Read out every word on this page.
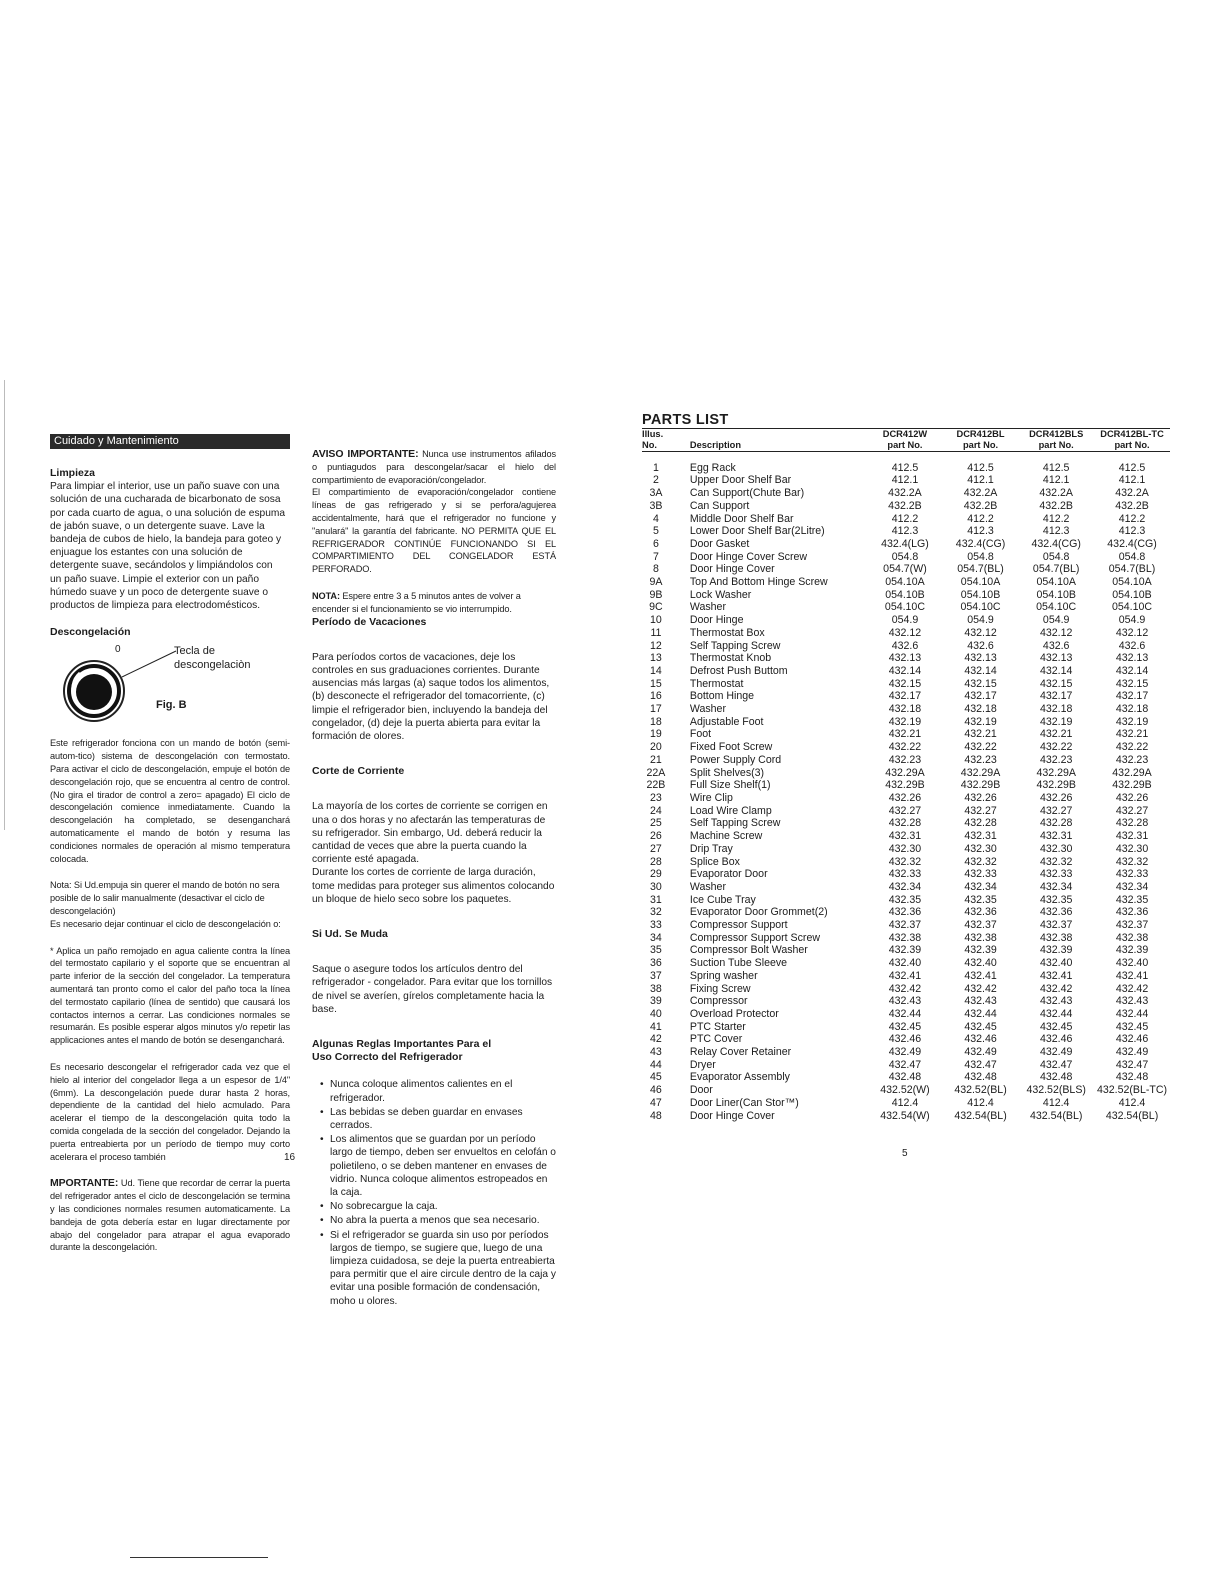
Cuidado y Mantenimiento

Limpieza

Para limpiar el interior, use un paño suave con una solución de una cucharada de bicarbonato de sosa por cada cuarto de agua, o una solución de espuma de jabón suave, o un detergente suave. Lave la bandeja de cubos de hielo, la bandeja para goteo y enjuague los estantes con una solución de detergente suave, secándolos y limpiándolos con un paño suave. Limpie el exterior con un paño húmedo suave y un poco de detergente suave o productos de limpieza para electrodomésticos.

Descongelación

0	Tecla de descongelaciòn
Fig. B

Este refrigerador fonciona con un mando de botón (semi-autom-tico) sistema de descongelación con termostato. Para activar el ciclo de descongelación, empuje el botón de descongelación rojo, que se encuentra al centro de control. (No gira el tirador de control a zero= apagado) El ciclo de descongelación comience inmediatamente. Cuando la descongelación ha completado, se desenganchará automaticamente el mando de botón y resuma las condiciones normales de operación al mismo temperatura colocada.

Nota: Si Ud.empuja sin querer el mando de botón no sera posible de lo salir manualmente (desactivar el ciclo de descongelación)

Es necesario dejar continuar el ciclo de descongelación o:

* Aplica un paño remojado en agua caliente contra la línea del termostato capilario y el soporte que se encuentran al parte inferior de la sección del congelador. La temperatura aumentará tan pronto como el calor del paño toca la línea del termostato capilario (línea de sentido) que causará los contactos internos a cerrar. Las condiciones normales se resumarán. Es posible esperar algos minutos y/o repetir las applicaciones antes el mando de botón se desenganchará.

Es necesario descongelar el refrigerador cada vez que el hielo al interior del congelador llega a un espesor de 1/4" (6mm). La descongelación puede durar hasta 2 horas, dependiente de la cantidad del hielo acmulado. Para acelerar el tiempo de la descongelación quita todo la comida congelada de la sección del congelador. Dejando la puerta entreabierta por un período de tiempo muy corto acelerara el proceso también

MPORTANTE: Ud. Tiene que recordar de cerrar la puerta del refrigerador antes el ciclo de descongelación se termina y las condiciones normales resumen automaticamente. La bandeja de gota debería estar en lugar directamente por abajo del congelador para atrapar el agua evaporado durante la descongelación.

16

AVISO IMPORTANTE: Nunca use instrumentos afilados o puntiagudos para descongelar/sacar el hielo del compartimiento de evaporación/congelador.

El compartimiento de evaporación/congelador contiene líneas de gas refrigerado y si se perfora/agujerea accidentalmente, hará que el refrigerador no funcione y "anulará" la garantía del fabricante. NO PERMITA QUE EL REFRIGERADOR CONTINÚE FUNCIONANDO SI EL COMPARTIMIENTO DEL CONGELADOR ESTÁ PERFORADO.

NOTA: Espere entre 3 a 5 minutos antes de volver a encender si el funcionamiento se vio interrumpido.

Período de Vacaciones

Para períodos cortos de vacaciones, deje los controles en sus graduaciones corrientes. Durante ausencias más largas (a) saque todos los alimentos, (b) desconecte el refrigerador del tomacorriente, (c) limpie el refrigerador bien, incluyendo la bandeja del congelador, (d) deje la puerta abierta para evitar la formación de olores.

Corte de Corriente

La mayoría de los cortes de corriente se corrigen en una o dos horas y no afectarán las temperaturas de su refrigerador. Sin embargo, Ud. deberá reducir la cantidad de veces que abre la puerta cuando la corriente esté apagada.

Durante los cortes de corriente de larga duración, tome medidas para proteger sus alimentos colocando un bloque de hielo seco sobre los paquetes.

Si Ud. Se Muda

Saque o asegure todos los artículos dentro del refrigerador - congelador. Para evitar que los tornillos de nivel se averíen, gírelos completamente hacia la base.

Algunas Reglas Importantes Para el Uso Correcto del Refrigerador

• Nunca coloque alimentos calientes en el refrigerador.
• Las bebidas se deben guardar en envases cerrados.
• Los alimentos que se guardan por un período largo de tiempo, deben ser envueltos en celofán o polietileno, o se deben mantener en envases de vidrio. Nunca coloque alimentos estropeados en la caja.
• No sobrecargue la caja.
• No abra la puerta a menos que sea necesario.
• Si el refrigerador se guarda sin uso por períodos largos de tiempo, se sugiere que, luego de una limpieza cuidadosa, se deje la puerta entreabierta para permitir que el aire circule dentro de la caja y evitar una posible formación de condensación, moho u olores.
PARTS LIST
Illus.		DCR412W	DCR412BL	DCR412BLS	DCR412BL-TC
No.	Description	part No.	part No.	part No.	part No.

1	Egg Rack	412.5	412.5	412.5	412.5
2	Upper Door Shelf Bar	412.1	412.1	412.1	412.1
3A	Can Support(Chute Bar)	432.2A	432.2A	432.2A	432.2A
3B	Can Support	432.2B	432.2B	432.2B	432.2B
4	Middle Door Shelf Bar	412.2	412.2	412.2	412.2
5	Lower Door Shelf Bar(2Litre)	412.3	412.3	412.3	412.3
6	Door Gasket	432.4(LG)	432.4(CG)	432.4(CG)	432.4(CG)
7	Door Hinge Cover Screw	054.8	054.8	054.8	054.8
8	Door Hinge Cover	054.7(W)	054.7(BL)	054.7(BL)	054.7(BL)
9A	Top And Bottom Hinge Screw	054.10A	054.10A	054.10A	054.10A
9B	Lock Washer	054.10B	054.10B	054.10B	054.10B
9C	Washer	054.10C	054.10C	054.10C	054.10C
10	Door Hinge	054.9	054.9	054.9	054.9
11	Thermostat Box	432.12	432.12	432.12	432.12
12	Self Tapping Screw	432.6	432.6	432.6	432.6
13	Thermostat Knob	432.13	432.13	432.13	432.13
14	Defrost Push Buttom	432.14	432.14	432.14	432.14
15	Thermostat	432.15	432.15	432.15	432.15
16	Bottom Hinge	432.17	432.17	432.17	432.17
17	Washer	432.18	432.18	432.18	432.18
18	Adjustable Foot	432.19	432.19	432.19	432.19
19	Foot	432.21	432.21	432.21	432.21
20	Fixed Foot Screw	432.22	432.22	432.22	432.22
21	Power Supply Cord	432.23	432.23	432.23	432.23
22A	Split Shelves(3)	432.29A	432.29A	432.29A	432.29A
22B	Full Size Shelf(1)	432.29B	432.29B	432.29B	432.29B
23	Wire Clip	432.26	432.26	432.26	432.26
24	Load Wire Clamp	432.27	432.27	432.27	432.27
25	Self Tapping Screw	432.28	432.28	432.28	432.28
26	Machine Screw	432.31	432.31	432.31	432.31
27	Drip Tray	432.30	432.30	432.30	432.30
28	Splice Box	432.32	432.32	432.32	432.32
29	Evaporator Door	432.33	432.33	432.33	432.33
30	Washer	432.34	432.34	432.34	432.34
31	Ice Cube Tray	432.35	432.35	432.35	432.35
32	Evaporator Door Grommet(2)	432.36	432.36	432.36	432.36
33	Compressor Support	432.37	432.37	432.37	432.37
34	Compressor Support Screw	432.38	432.38	432.38	432.38
35	Compressor Bolt Washer	432.39	432.39	432.39	432.39
36	Suction Tube Sleeve	432.40	432.40	432.40	432.40
37	Spring washer	432.41	432.41	432.41	432.41
38	Fixing Screw	432.42	432.42	432.42	432.42
39	Compressor	432.43	432.43	432.43	432.43
40	Overload Protector	432.44	432.44	432.44	432.44
41	PTC Starter	432.45	432.45	432.45	432.45
42	PTC Cover	432.46	432.46	432.46	432.46
43	Relay Cover Retainer	432.49	432.49	432.49	432.49
44	Dryer	432.47	432.47	432.47	432.47
45	Evaporator Assembly	432.48	432.48	432.48	432.48
46	Door	432.52(W)	432.52(BL)	432.52(BLS)	432.52(BL-TC)
47	Door Liner(Can Stor™)	412.4	412.4	412.4	412.4
48	Door Hinge Cover	432.54(W)	432.54(BL)	432.54(BL)	432.54(BL)
5
